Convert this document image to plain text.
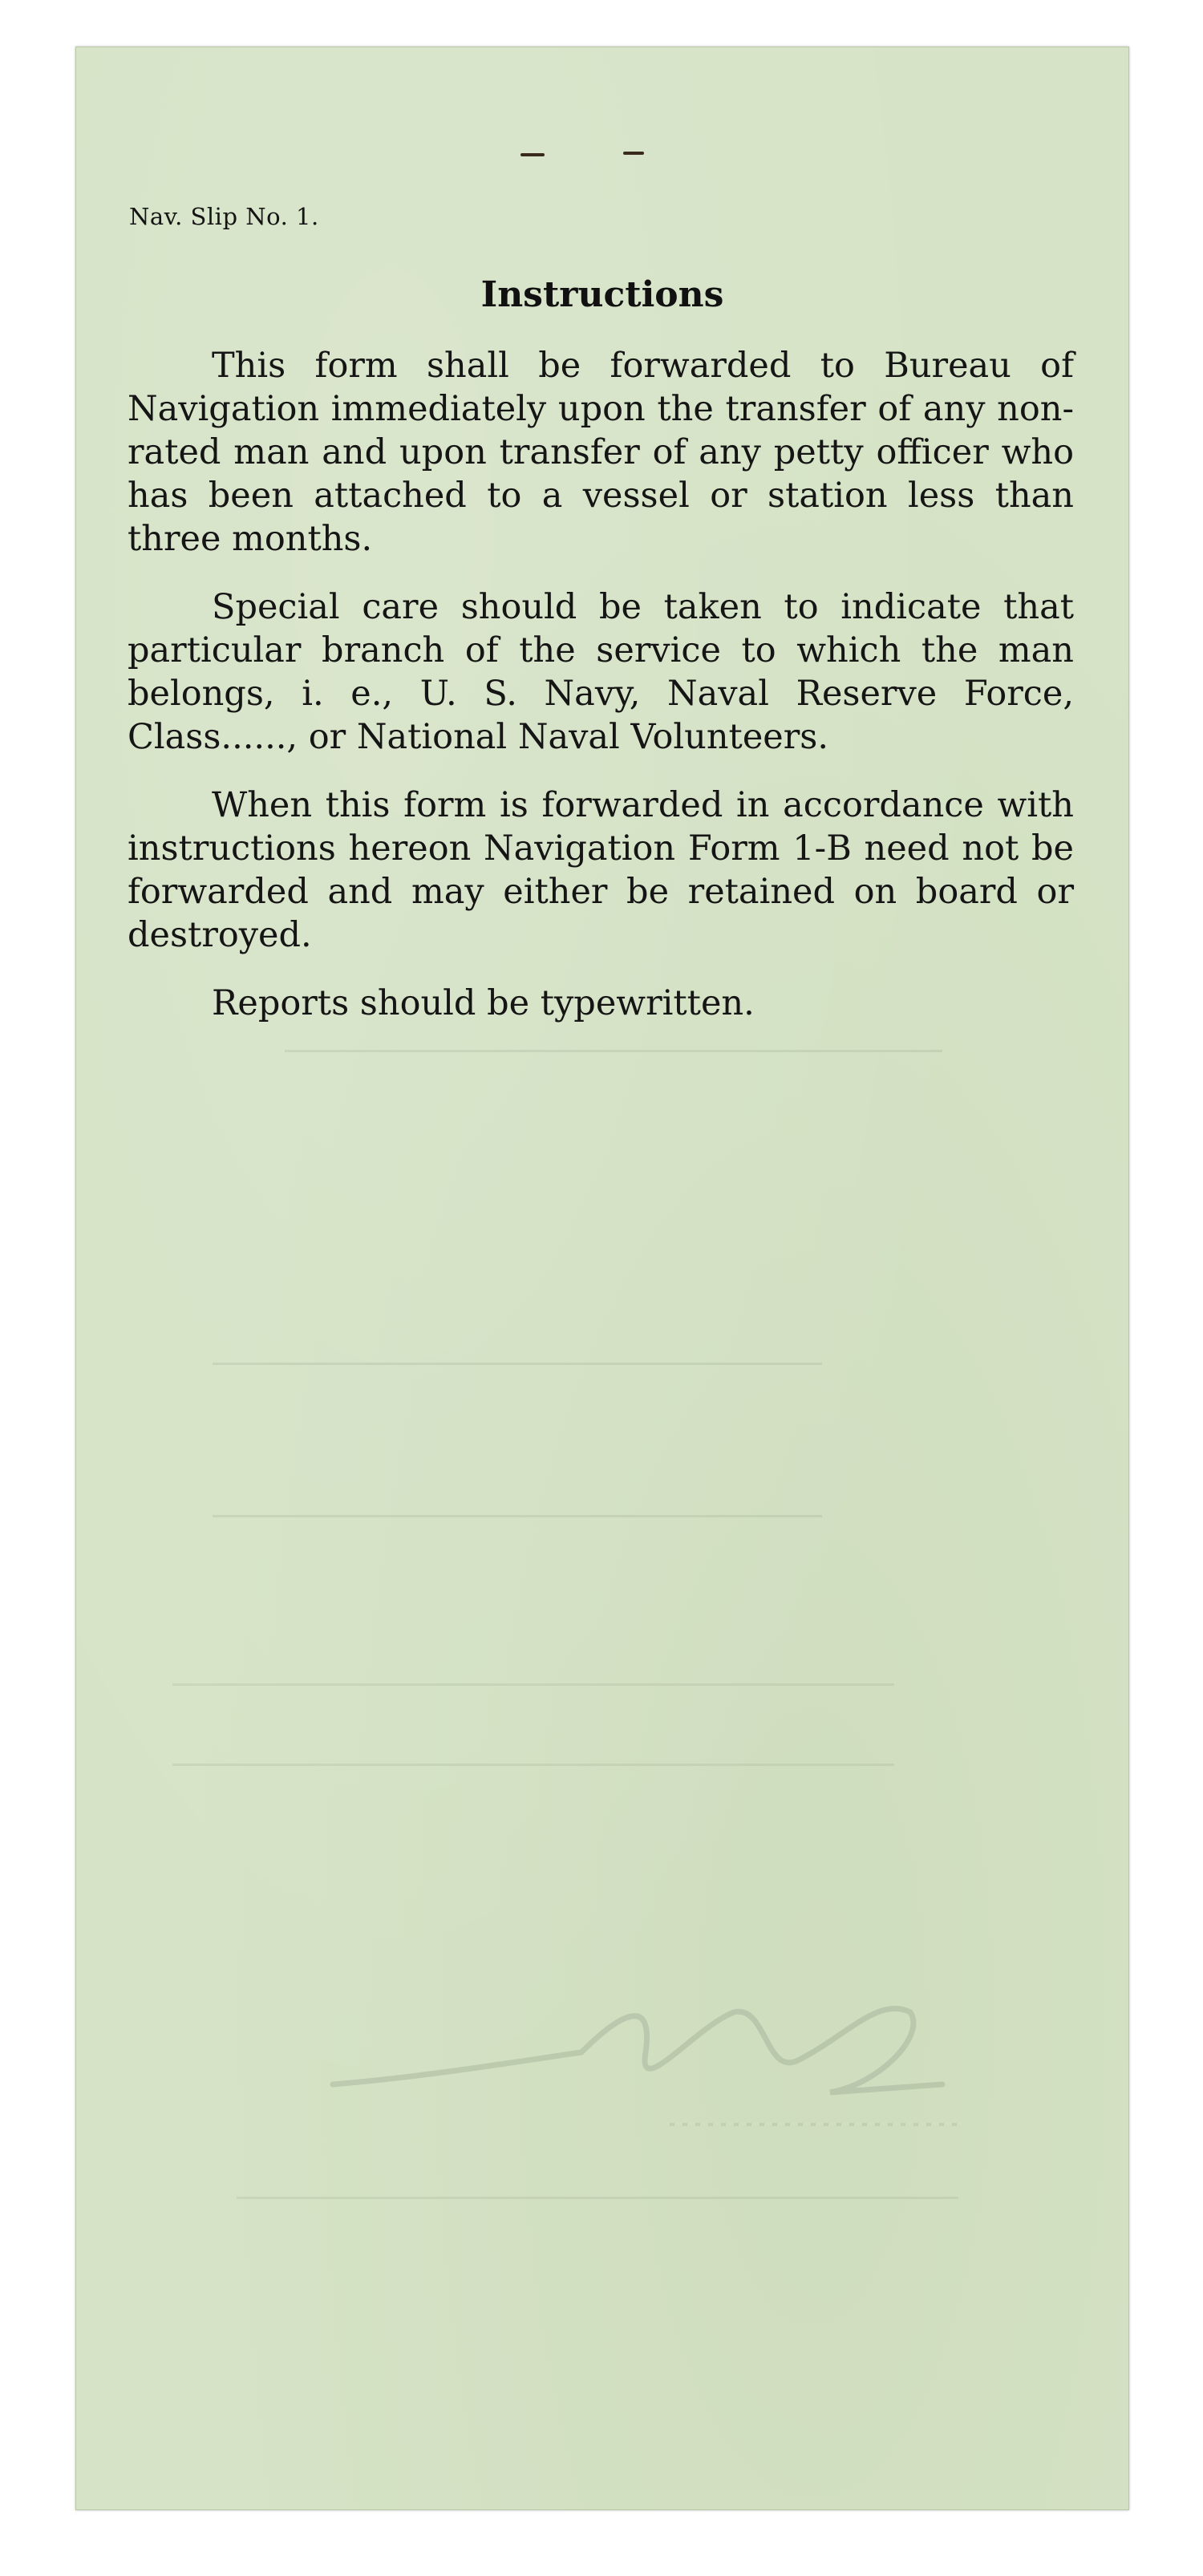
Nav. Slip No. 1.
Instructions

This form shall be forwarded to Bureau of Navigation immediately upon the transfer of any non-rated man and upon transfer of any petty officer who has been attached to a vessel or station less than three months.

Special care should be taken to indicate that particular branch of the service to which the man belongs, i. e., U. S. Navy, Naval Reserve Force, Class......, or National Naval Volunteers.

When this form is forwarded in accordance with instructions hereon Navigation Form 1-B need not be forwarded and may either be retained on board or destroyed.

Reports should be typewritten.
